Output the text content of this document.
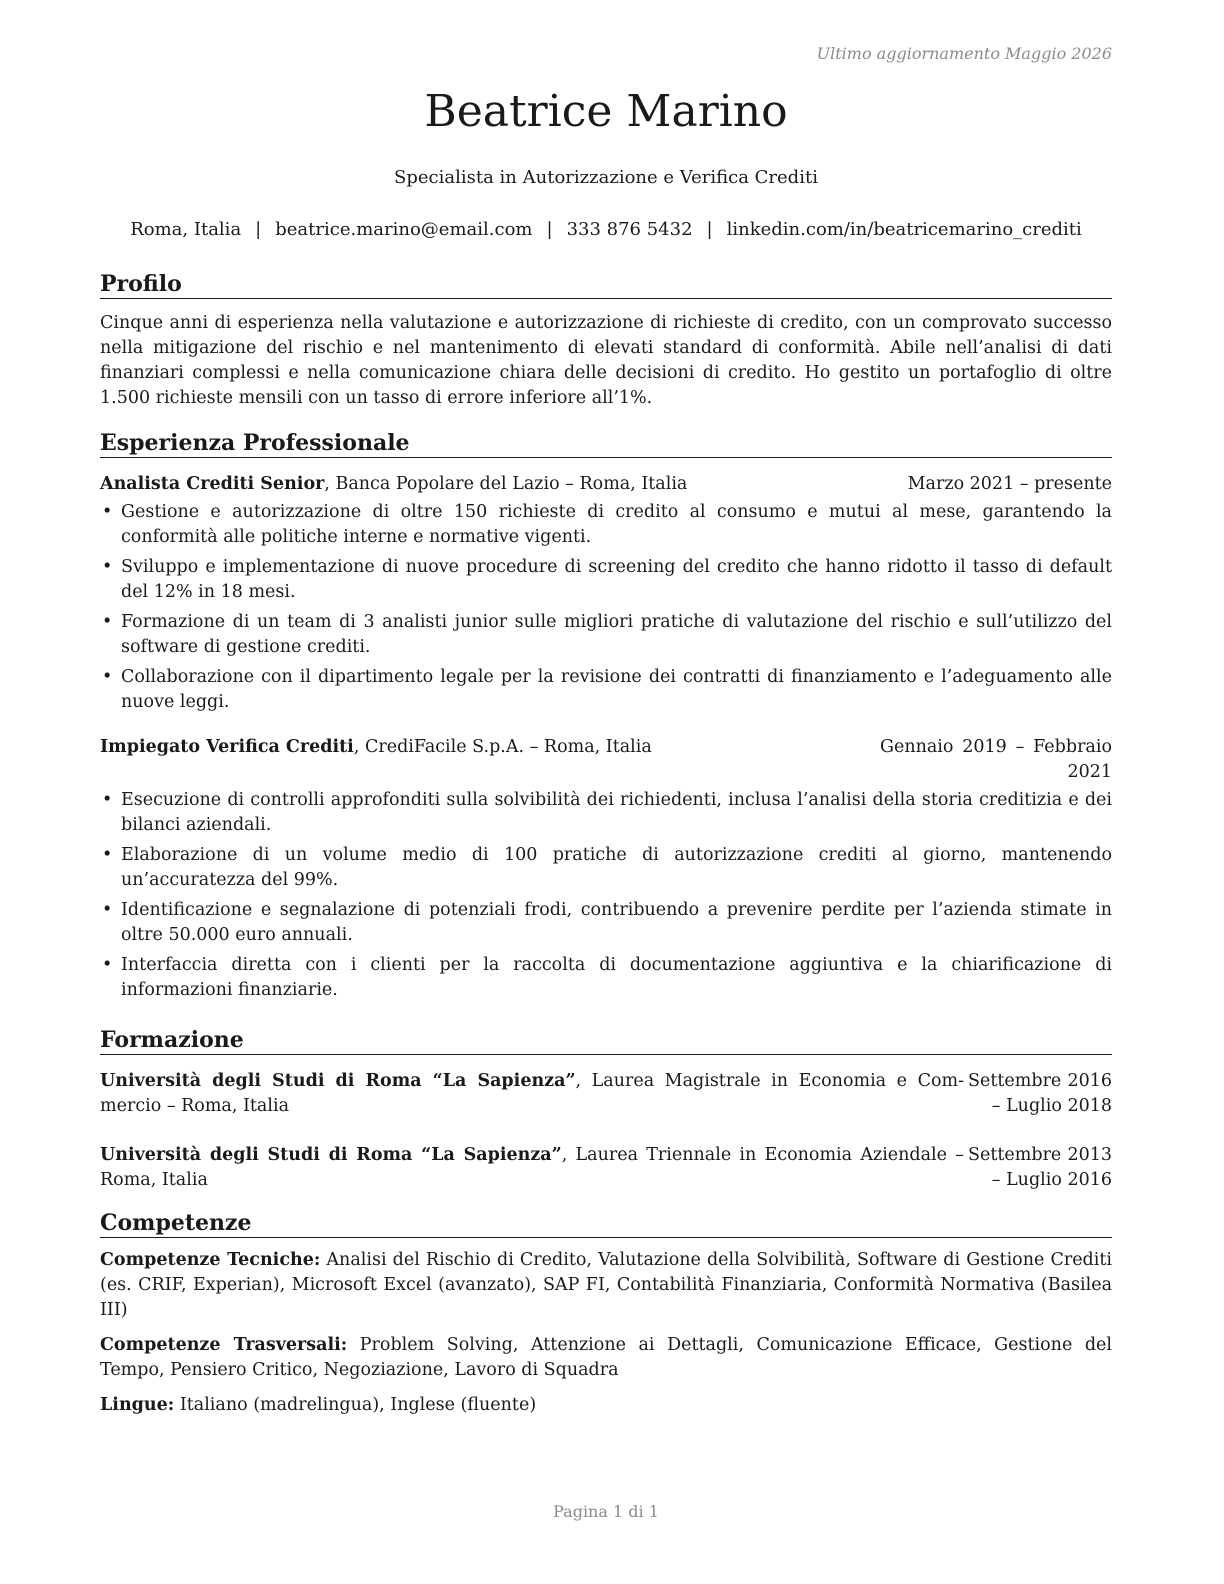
Ultimo aggiornamento Maggio 2026
Beatrice Marino
Specialista in Autorizzazione e Verifica Crediti
Roma, Italia | beatrice.marino@email.com | 333 876 5432 | linkedin.com/in/beatricemarino_crediti
Profilo

Cinque anni di esperienza nella valutazione e autorizzazione di richieste di credito, con un comprovato successo nella mitigazione del rischio e nel mantenimento di elevati standard di conformità. Abile nell’analisi di dati finanziari complessi e nella comunicazione chiara delle decisioni di credito. Ho gestito un portafoglio di oltre 1.500 richieste mensili con un tasso di errore inferiore all’1%.

Esperienza Professionale
Analista Crediti Senior, Banca Popolare del Lazio – Roma, Italia	Marzo 2021 – presente
• Gestione e autorizzazione di oltre 150 richieste di credito al consumo e mutui al mese, garantendo la conformità alle politiche interne e normative vigenti.
• Sviluppo e implementazione di nuove procedure di screening del credito che hanno ridotto il tasso di default del 12% in 18 mesi.
• Formazione di un team di 3 analisti junior sulle migliori pratiche di valutazione del rischio e sull’utilizzo del software di gestione crediti.
• Collaborazione con il dipartimento legale per la revisione dei contratti di finanziamento e l’adeguamento alle nuove leggi.
Impiegato Verifica Crediti, CrediFacile S.p.A. – Roma, Italia	Gennaio 2019 – Febbraio 2021
• Esecuzione di controlli approfonditi sulla solvibilità dei richiedenti, inclusa l’analisi della storia creditizia e dei bilanci aziendali.
• Elaborazione di un volume medio di 100 pratiche di autorizzazione crediti al giorno, mantenendo un’accuratezza del 99%.
• Identificazione e segnalazione di potenziali frodi, contribuendo a prevenire perdite per l’azienda stimate in oltre 50.000 euro annuali.
• Interfaccia diretta con i clienti per la raccolta di documentazione aggiuntiva e la chiarificazione di informazioni finanziarie.
Formazione
Università degli Studi di Roma “La Sapienza”, Laurea Magistrale in Economia e Com-mercio – Roma, Italia
Settembre 2016 – Luglio 2018
Università degli Studi di Roma “La Sapienza”, Laurea Triennale in Economia Aziendale – Roma, Italia
Settembre 2013 – Luglio 2016
Competenze
Competenze Tecniche: Analisi del Rischio di Credito, Valutazione della Solvibilità, Software di Gestione Crediti (es. CRIF, Experian), Microsoft Excel (avanzato), SAP FI, Contabilità Finanziaria, Conformità Normativa (Basilea III)
Competenze Trasversali: Problem Solving, Attenzione ai Dettagli, Comunicazione Efficace, Gestione del Tempo, Pensiero Critico, Negoziazione, Lavoro di Squadra
Lingue: Italiano (madrelingua), Inglese (fluente)
Pagina 1 di 1
